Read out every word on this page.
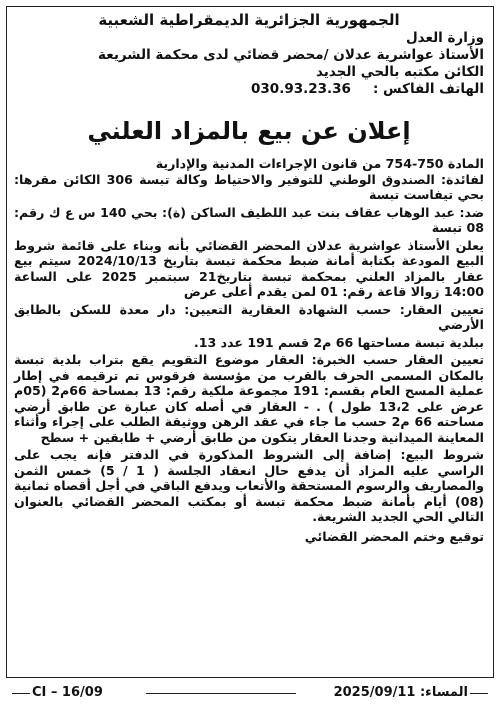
الجمهورية الجزائرية الديمقراطية الشعبية

وزارة العدل

الأستاذ عواشرية عدلان /محضر قضائي لدى محكمة الشريعة

الكائن مكتبه بالحي الجديد

الهاتف الفاكس :
030.93.23.36

إعلان عن بيع بالمزاد العلني

المادة 750-754 من قانون الإجراءات المدنية والإدارية

لفائدة: الصندوق الوطني للتوفير والاحتياط وكالة تبسة 306 الكائن مقرها: بحي تيفاست تبسة

ضد: عبد الوهاب عقاف بنت عبد اللطيف الساكن (ة): بحي 140 س ع ك رقم: 08 تبسة

يعلن الأستاذ عواشرية عدلان المحضر القضائي بأنه وبناء على قائمة شروط البيع المودعة بكتابة أمانة ضبط محكمة تبسة بتاريخ 2024/10/13 سيتم بيع عقار بالمزاد العلني بمحكمة تبسة بتاريخ21 سبتمبر 2025 على الساعة 14:00 زوالا قاعة رقم: 01 لمن يقدم أعلى عرض

تعيين العقار: حسب الشهادة العقارية التعيين: دار معدة للسكن بالطابق الأرضي

ببلدية تبسة مساحتها 66 م2 قسم 191 عدد 13.

تعيين العقار حسب الخبرة: العقار موضوع التقويم يقع بتراب بلدية تبسة بالمكان المسمى الحرف بالقرب من مؤسسة فرقوس تم ترقيمه في إطار عملية المسح العام بقسم: 191 مجموعة ملكية رقم: 13 بمساحة 66م2 (05م عرض على 13،2 طول ) . - العقار في أصله كان عبارة عن طابق أرضي مساحته 66 م2 حسب ما جاء في عقد الرهن ووثيقة الطلب على إجراء وأثناء المعاينة الميدانية وجدنا العقار يتكون من طابق أرضي + طابقين + سطح

شروط البيع: إضافة إلى الشروط المذكورة في الدفتر فإنه يجب على الراسي عليه المزاد أن يدفع حال انعقاد الجلسة ( 1 / 5) خمس الثمن والمصاريف والرسوم المستحقة والأتعاب ويدفع الباقي في أجل أقصاه ثمانية (08) أيام بأمانة ضبط محكمة تبسة أو بمكتب المحضر القضائي بالعنوان التالي الحي الجديد الشريعة.

توقيع وختم المحضر القضائي

CI – 16/09	المساء: 2025/09/11
